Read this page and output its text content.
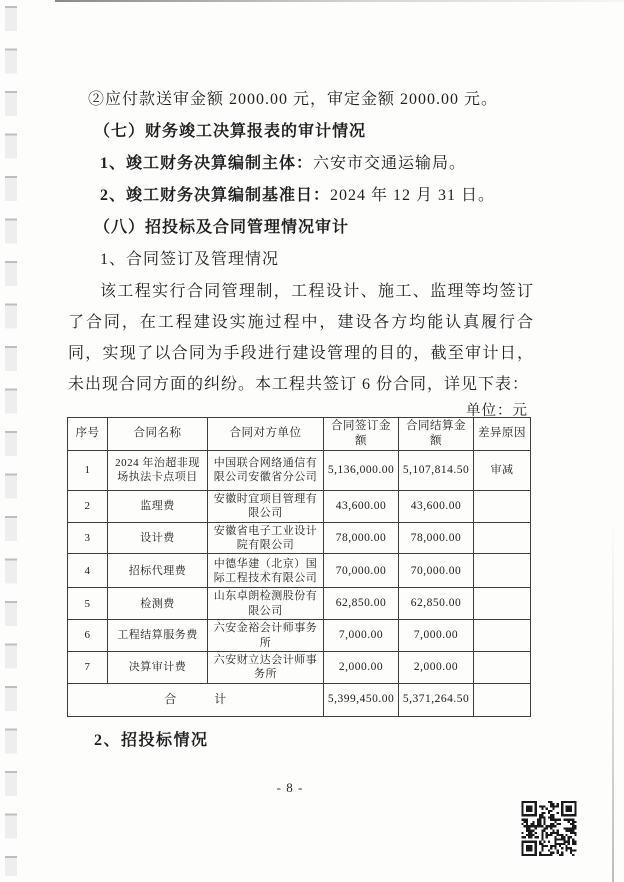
②应付款送审金额 2000.00 元，审定金额 2000.00 元。
（七）财务竣工决算报表的审计情况
1、竣工财务决算编制主体：六安市交通运输局。
2、竣工财务决算编制基准日：2024 年 12 月 31 日。
（八）招投标及合同管理情况审计
1、合同签订及管理情况

该工程实行合同管理制，工程设计、施工、监理等均签订了合同，在工程建设实施过程中，建设各方均能认真履行合同，实现了以合同为手段进行建设管理的目的，截至审计日，未出现合同方面的纠纷。本工程共签订 6 份合同，详见下表：

单位：元
序号	合同名称	合同对方单位	合同签订金额	合同结算金额	差异原因
1	2024 年治超非现场执法卡点项目	中国联合网络通信有限公司安徽省分公司	5,136,000.00	5,107,814.50	审减
2	监理费	安徽时宜项目管理有限公司	43,600.00	43,600.00	
3	设计费	安徽省电子工业设计院有限公司	78,000.00	78,000.00	
4	招标代理费	中德华建（北京）国际工程技术有限公司	70,000.00	70,000.00	
5	检测费	山东卓朗检测股份有限公司	62,850.00	62,850.00	
6	工程结算服务费	六安金裕会计师事务所	7,000.00	7,000.00	
7	决算审计费	六安财立达会计师事务所	2,000.00	2,000.00	
合　　　计			5,399,450.00	5,371,264.50	
2、招投标情况
- 8 -
